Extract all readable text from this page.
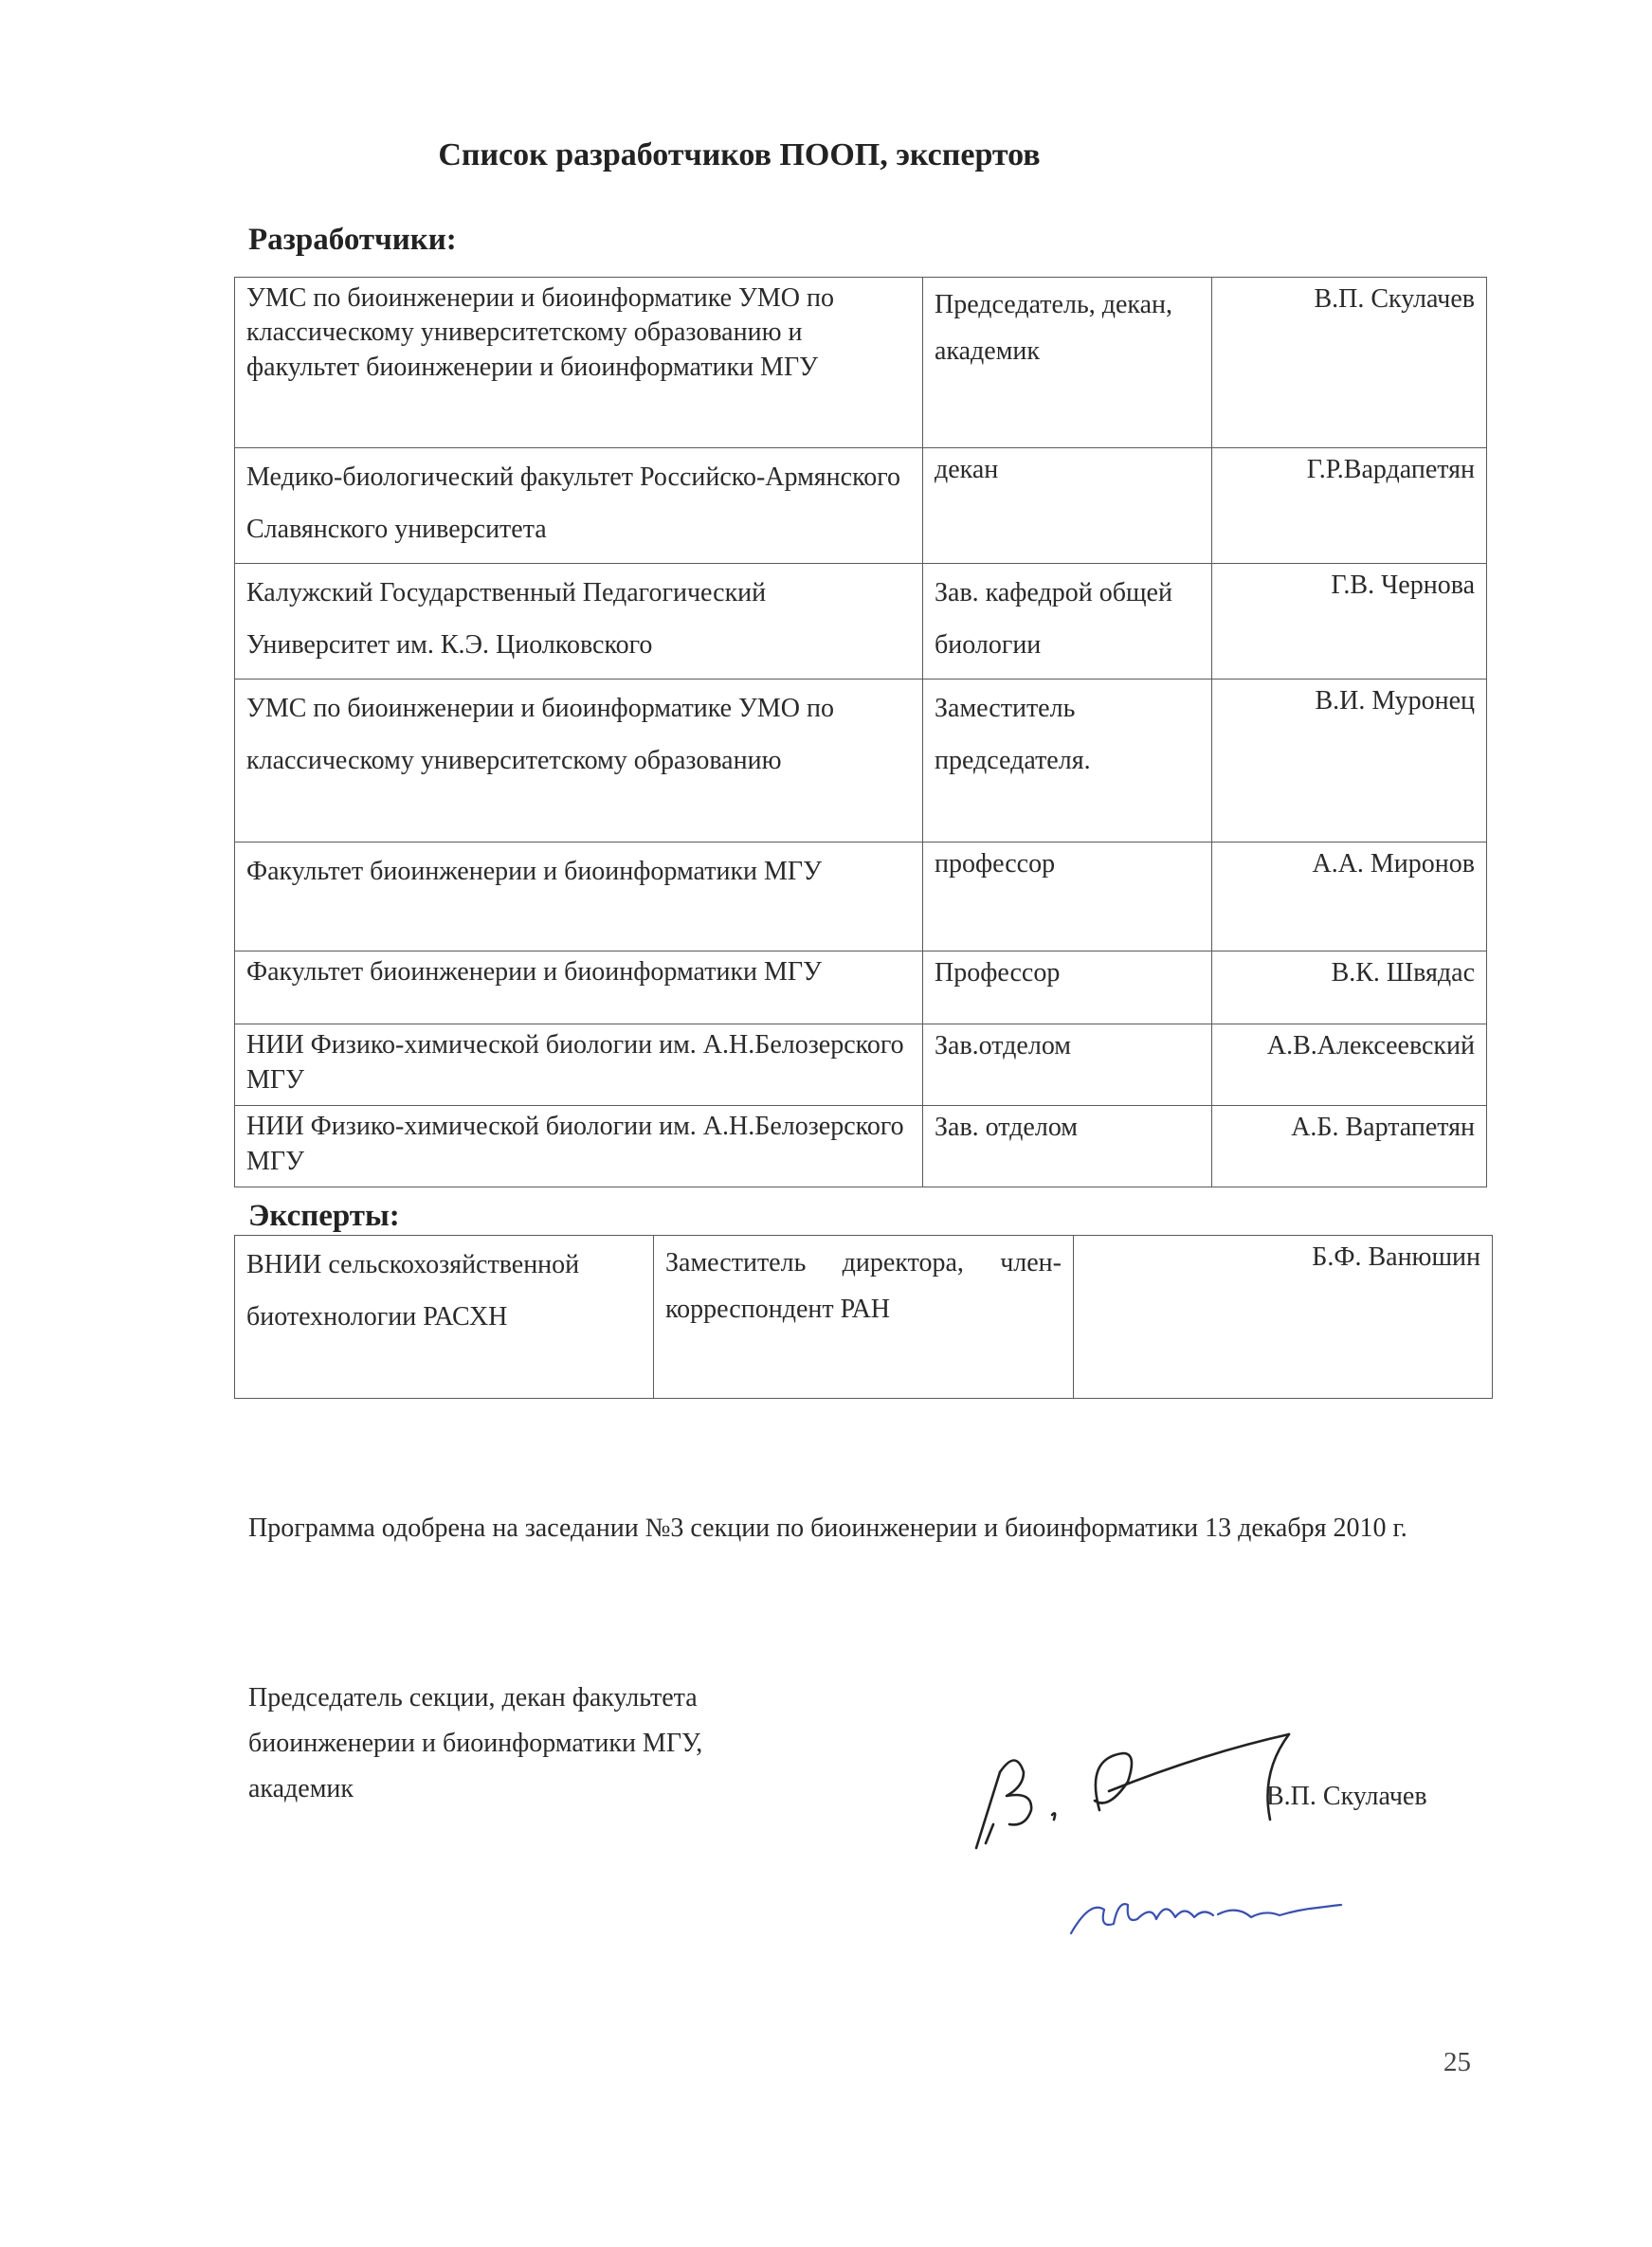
Список разработчиков ПООП, экспертов
Разработчики:
УМС по биоинженерии и биоинформатике УМО по классическому университетскому образованию и факультет биоинженерии и биоинформатики МГУ	Председатель, декан, академик	В.П. Скулачев
Медико-биологический факультет Российско-Армянского Славянского университета	декан	Г.Р.Вардапетян
Калужский Государственный Педагогический Университет им. К.Э. Циолковского	Зав. кафедрой общей биологии	Г.В. Чернова
УМС по биоинженерии и биоинформатике УМО по классическому университетскому образованию	Заместитель председателя.	В.И. Муронец
Факультет биоинженерии и биоинформатики МГУ	профессор	А.А. Миронов
Факультет биоинженерии и биоинформатики МГУ	Профессор	В.К. Швядас
НИИ Физико-химической биологии им. А.Н.Белозерского МГУ	Зав.отделом	А.В.Алексеевский
НИИ Физико-химической биологии им. А.Н.Белозерского МГУ	Зав. отделом	А.Б. Вартапетян
Эксперты:
ВНИИ сельскохозяйственной биотехнологии РАСХН	Заместитель директора, член-корреспондент РАН	Б.Ф. Ванюшин
Программа одобрена на заседании №3 секции по биоинженерии и биоинформатики 13 декабря 2010 г.
Председатель секции, декан факультета
биоинженерии и биоинформатики МГУ,
академик	В.П. Скулачев
25
